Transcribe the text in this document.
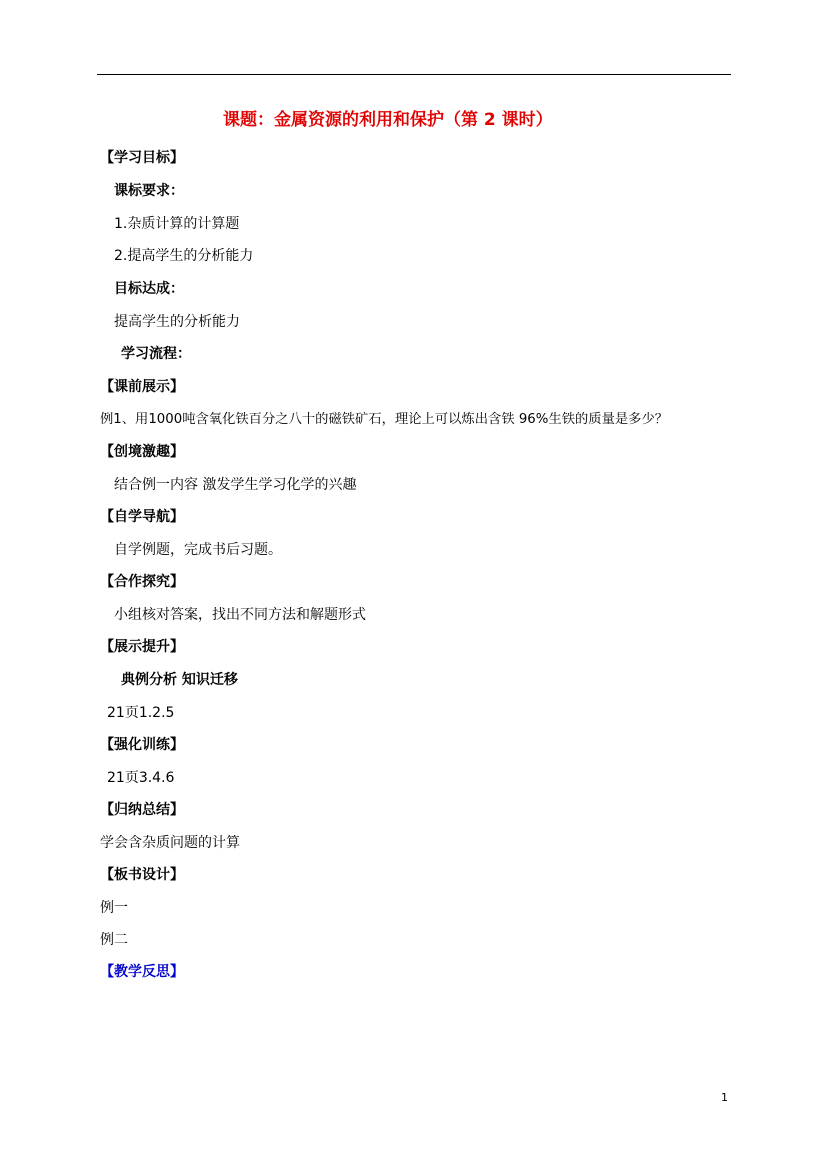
课题：金属资源的利用和保护（第 2 课时）
【学习目标】
课标要求：
1.杂质计算的计算题
2.提高学生的分析能力
目标达成：
提高学生的分析能力
学习流程：
【课前展示】
例1、用1000吨含氧化铁百分之八十的磁铁矿石，理论上可以炼出含铁 96%生铁的质量是多少？
【创境激趣】
结合例一内容 激发学生学习化学的兴趣
【自学导航】
自学例题，完成书后习题。
【合作探究】
小组核对答案，找出不同方法和解题形式
【展示提升】
典例分析 知识迁移
21页1.2.5
【强化训练】
21页3.4.6
【归纳总结】
学会含杂质问题的计算
【板书设计】
例一
例二
【教学反思】
1
